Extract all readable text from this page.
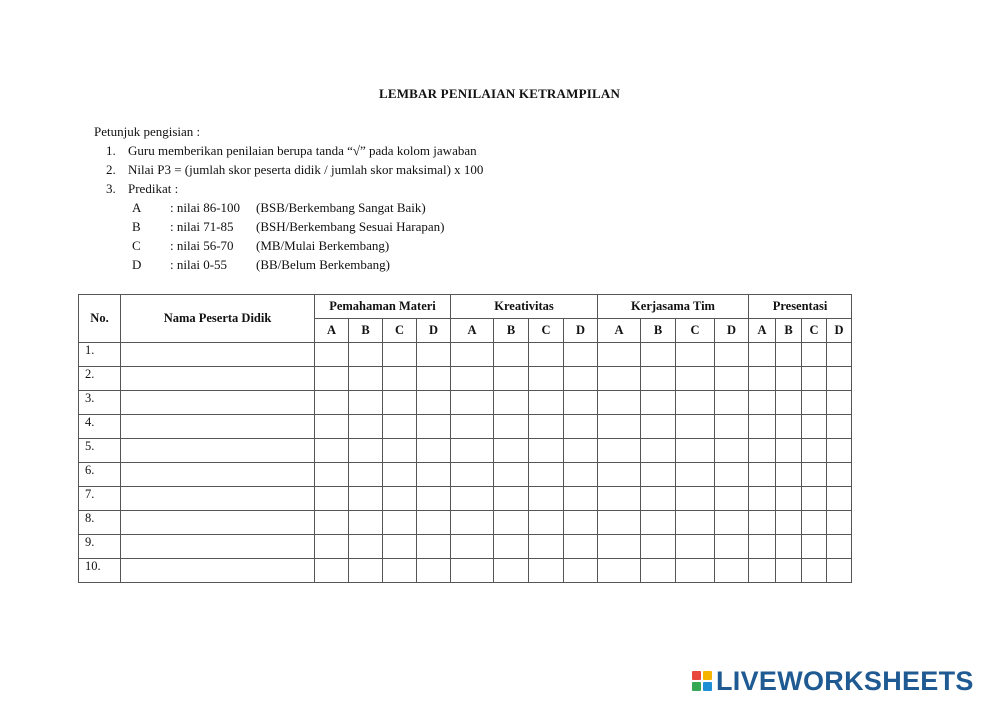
LEMBAR PENILAIAN KETRAMPILAN

Petunjuk pengisian :

1. Guru memberikan penilaian berupa tanda “√” pada kolom jawaban
2. Nilai P3 = (jumlah skor peserta didik / jumlah skor maksimal) x 100
3. Predikat :
A	: nilai 86-100	(BSB/Berkembang Sangat Baik)
B	: nilai 71-85	(BSH/Berkembang Sesuai Harapan)
C	: nilai 56-70	(MB/Mulai Berkembang)
D	: nilai 0-55	(BB/Belum Berkembang)
No.	Nama Peserta Didik	Pemahaman Materi				Kreativitas				Kerjasama Tim				Presentasi			
		A	B	C	D	A	B	C	D	A	B	C	D	A	B	C	D
1.																	
2.																	
3.																	
4.																	
5.																	
6.																	
7.																	
8.																	
9.																	
10.																	
LIVEWORKSHEETS
